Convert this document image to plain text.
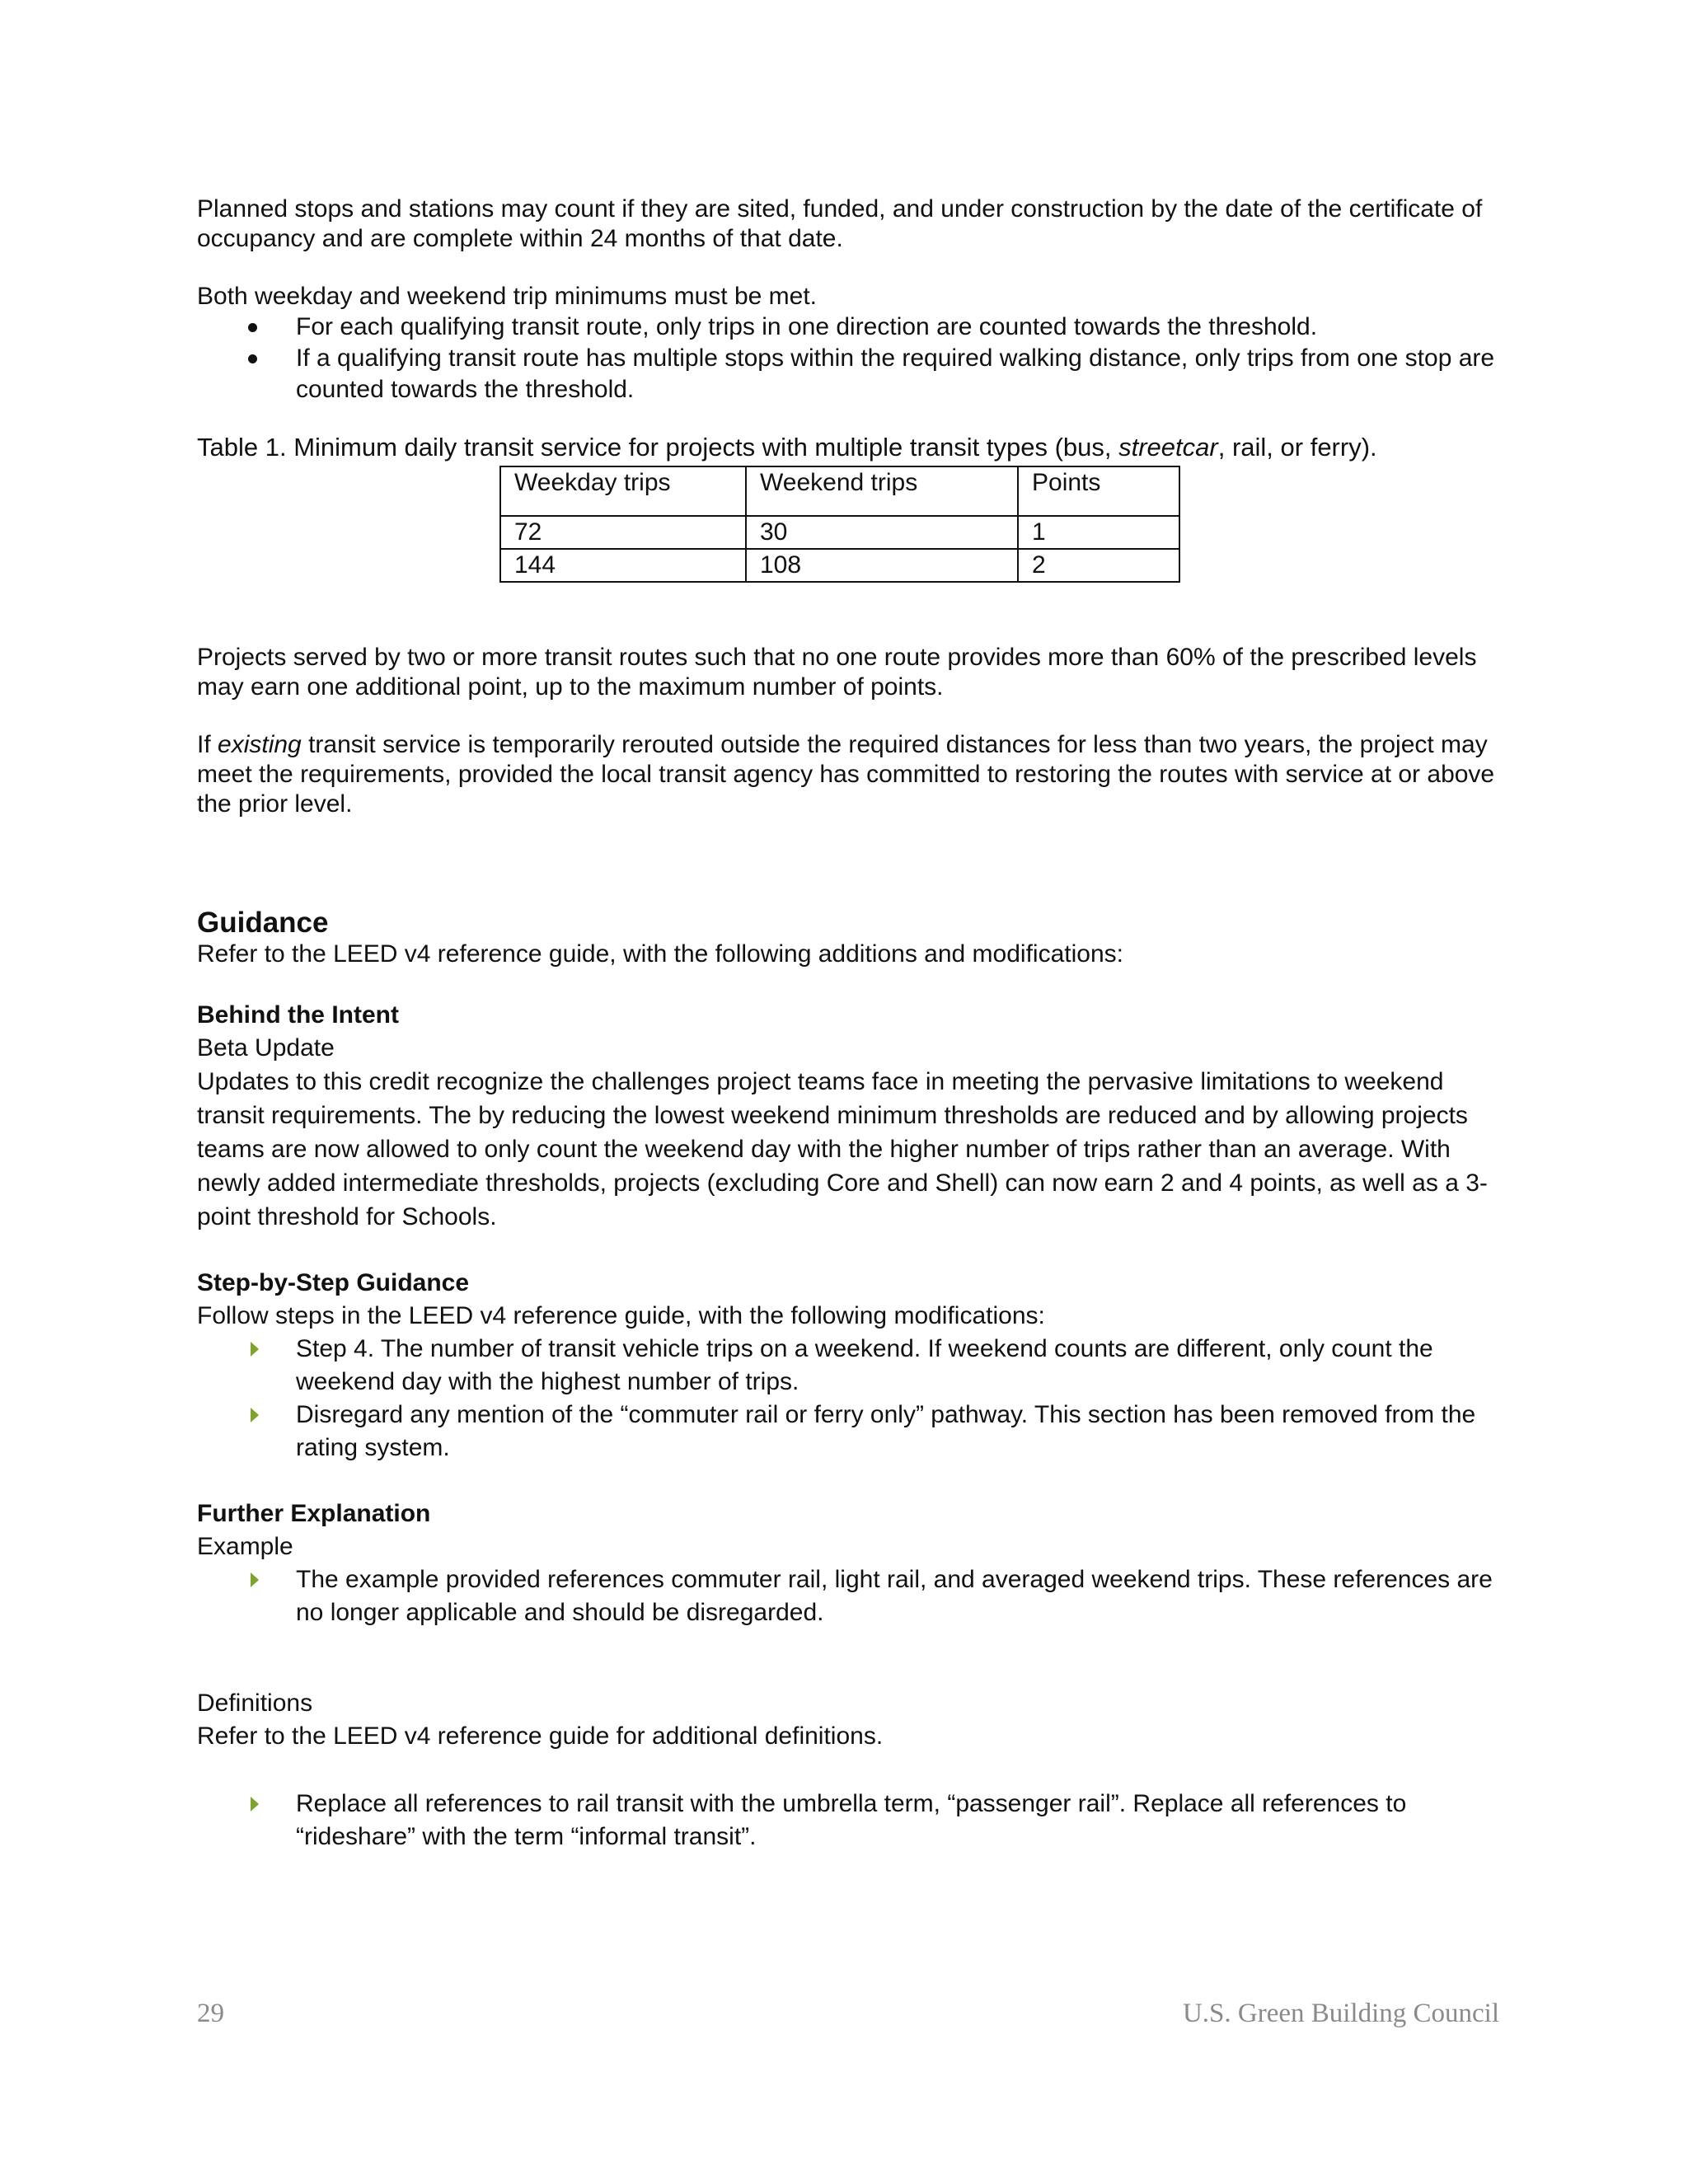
Planned stops and stations may count if they are sited, funded, and under construction by the date of the certificate of occupancy and are complete within 24 months of that date.

Both weekday and weekend trip minimums must be met.

For each qualifying transit route, only trips in one direction are counted towards the threshold.
If a qualifying transit route has multiple stops within the required walking distance, only trips from one stop are counted towards the threshold.

Table 1. Minimum daily transit service for projects with multiple transit types (bus, streetcar, rail, or ferry).

Weekday trips	Weekend trips	Points
72	30	1
144	108	2

Projects served by two or more transit routes such that no one route provides more than 60% of the prescribed levels may earn one additional point, up to the maximum number of points.

If existing transit service is temporarily rerouted outside the required distances for less than two years, the project may meet the requirements, provided the local transit agency has committed to restoring the routes with service at or above the prior level.

Guidance

Refer to the LEED v4 reference guide, with the following additions and modifications:

Behind the Intent

Beta Update

Updates to this credit recognize the challenges project teams face in meeting the pervasive limitations to weekend transit requirements. The by reducing the lowest weekend minimum thresholds are reduced and by allowing projects teams are now allowed to only count the weekend day with the higher number of trips rather than an average. With newly added intermediate thresholds, projects (excluding Core and Shell) can now earn 2 and 4 points, as well as a 3-point threshold for Schools.

Step-by-Step Guidance

Follow steps in the LEED v4 reference guide, with the following modifications:

Step 4. The number of transit vehicle trips on a weekend. If weekend counts are different, only count the weekend day with the highest number of trips.
Disregard any mention of the “commuter rail or ferry only” pathway. This section has been removed from the rating system.

Further Explanation

Example

The example provided references commuter rail, light rail, and averaged weekend trips. These references are no longer applicable and should be disregarded.

Definitions

Refer to the LEED v4 reference guide for additional definitions.

Replace all references to rail transit with the umbrella term, “passenger rail”. Replace all references to “rideshare” with the term “informal transit”.
29	U.S. Green Building Council
